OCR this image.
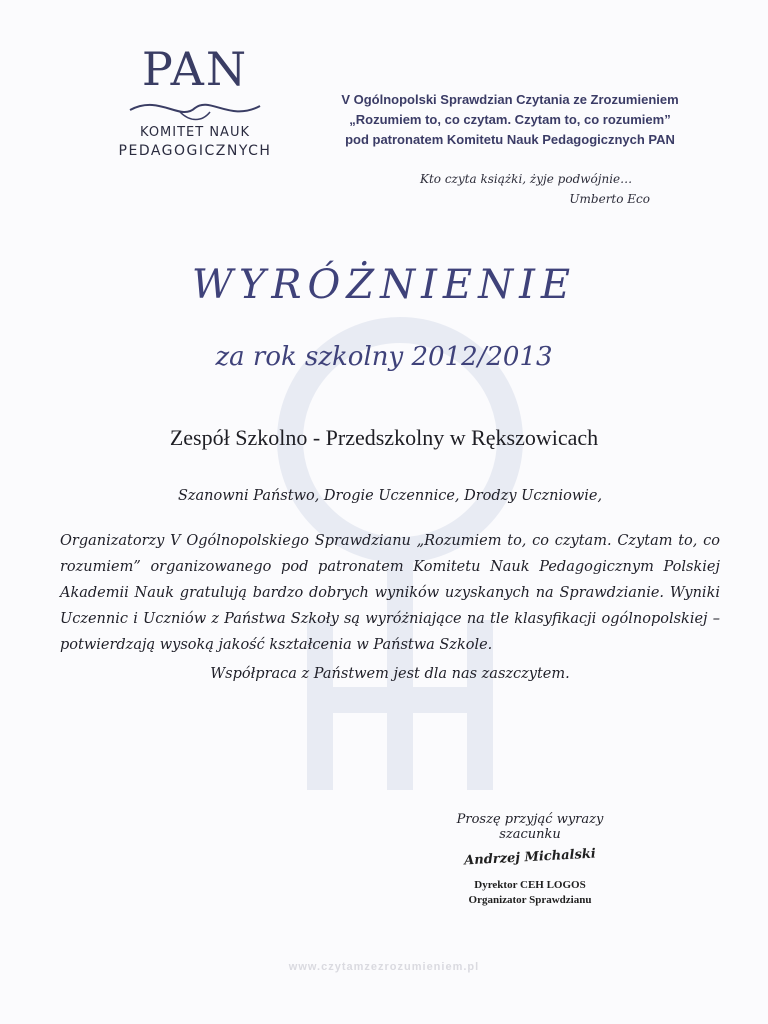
PAN
KOMITET NAUK
PEDAGOGICZNYCH
V Ogólnopolski Sprawdzian Czytania ze Zrozumieniem
„Rozumiem to, co czytam. Czytam to, co rozumiem”
pod patronatem Komitetu Nauk Pedagogicznych PAN
Kto czyta książki, żyje podwójnie…
Umberto Eco
WYRÓŻNIENIE
za rok szkolny 2012/2013
Zespół Szkolno - Przedszkolny w Rększowicach
Szanowni Państwo, Drogie Uczennice, Drodzy Uczniowie,
Organizatorzy V Ogólnopolskiego Sprawdzianu „Rozumiem to, co czytam. Czytam to, co rozumiem” organizowanego pod patronatem Komitetu Nauk Pedagogicznym Polskiej Akademii Nauk gratulują bardzo dobrych wyników uzyskanych na Sprawdzianie. Wyniki Uczennic i Uczniów z Państwa Szkoły są wyróżniające na tle klasyfikacji ogólnopolskiej – potwierdzają wysoką jakość kształcenia w Państwa Szkole.
Współpraca z Państwem jest dla nas zaszczytem.
Proszę przyjąć wyrazy szacunku
Andrzej Michalski
Dyrektor CEH LOGOS
Organizator Sprawdzianu
www.czytamzezrozumieniem.pl
